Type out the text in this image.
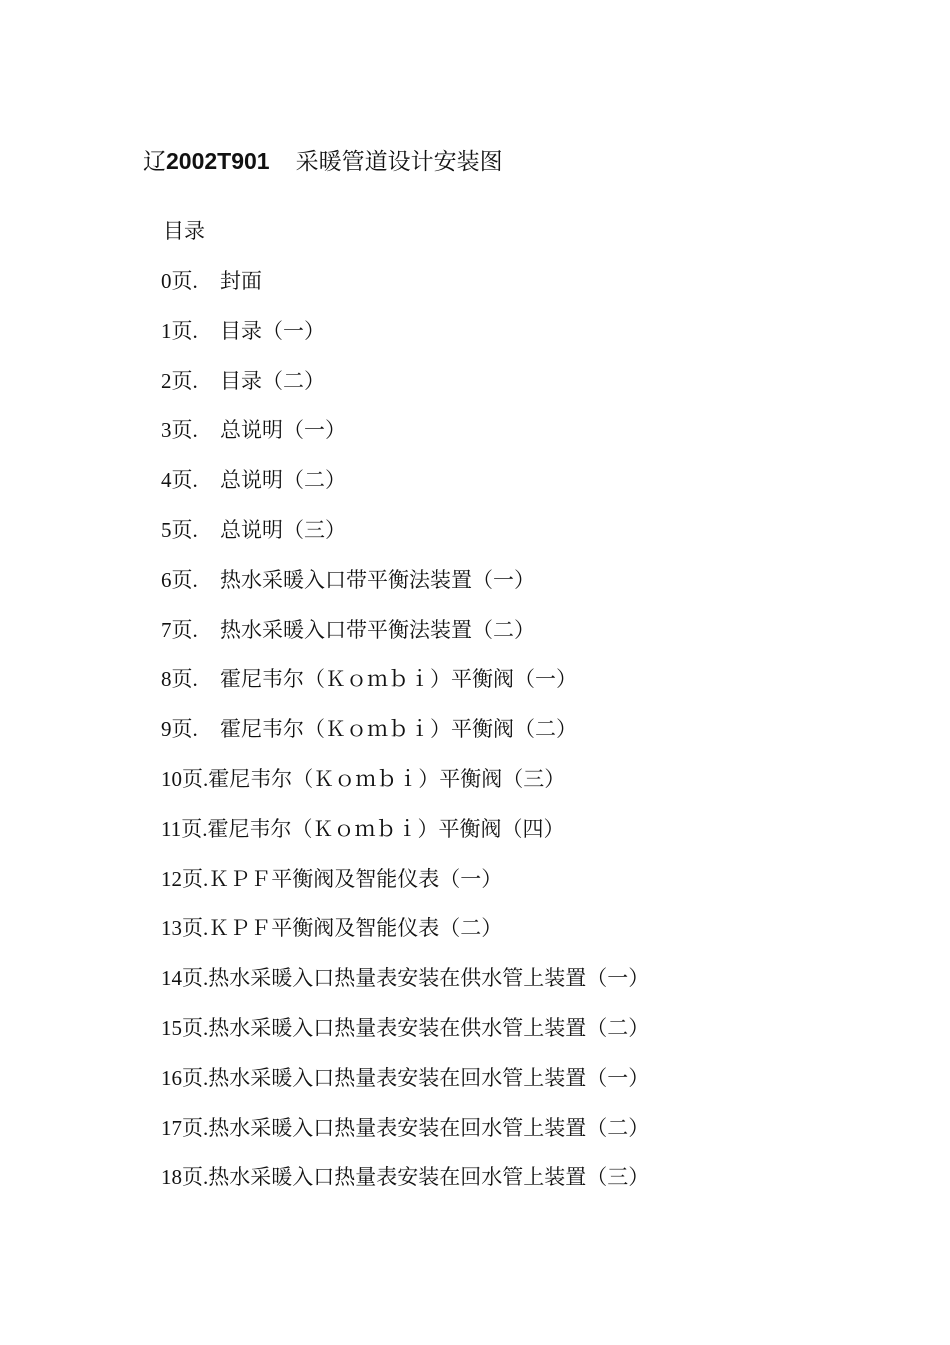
辽2002T901 采暖管道设计安装图
目录
0页.	封面
1页.	目录（一）
2页.	目录（二）
3页.	总说明（一）
4页.	总说明（二）
5页.	总说明（三）
6页.	热水采暖入口带平衡法装置（一）
7页.	热水采暖入口带平衡法装置（二）
8页.	霍尼韦尔（Ｋｏｍｂｉ）平衡阀（一）
9页.	霍尼韦尔（Ｋｏｍｂｉ）平衡阀（二）
10页. 霍尼韦尔（Ｋｏｍｂｉ）平衡阀（三）
11页. 霍尼韦尔（Ｋｏｍｂｉ）平衡阀（四）
12页. ＫＰＦ平衡阀及智能仪表（一）
13页. ＫＰＦ平衡阀及智能仪表（二）
14页. 热水采暖入口热量表安装在供水管上装置（一）
15页. 热水采暖入口热量表安装在供水管上装置（二）
16页. 热水采暖入口热量表安装在回水管上装置（一）
17页. 热水采暖入口热量表安装在回水管上装置（二）
18页. 热水采暖入口热量表安装在回水管上装置（三）
